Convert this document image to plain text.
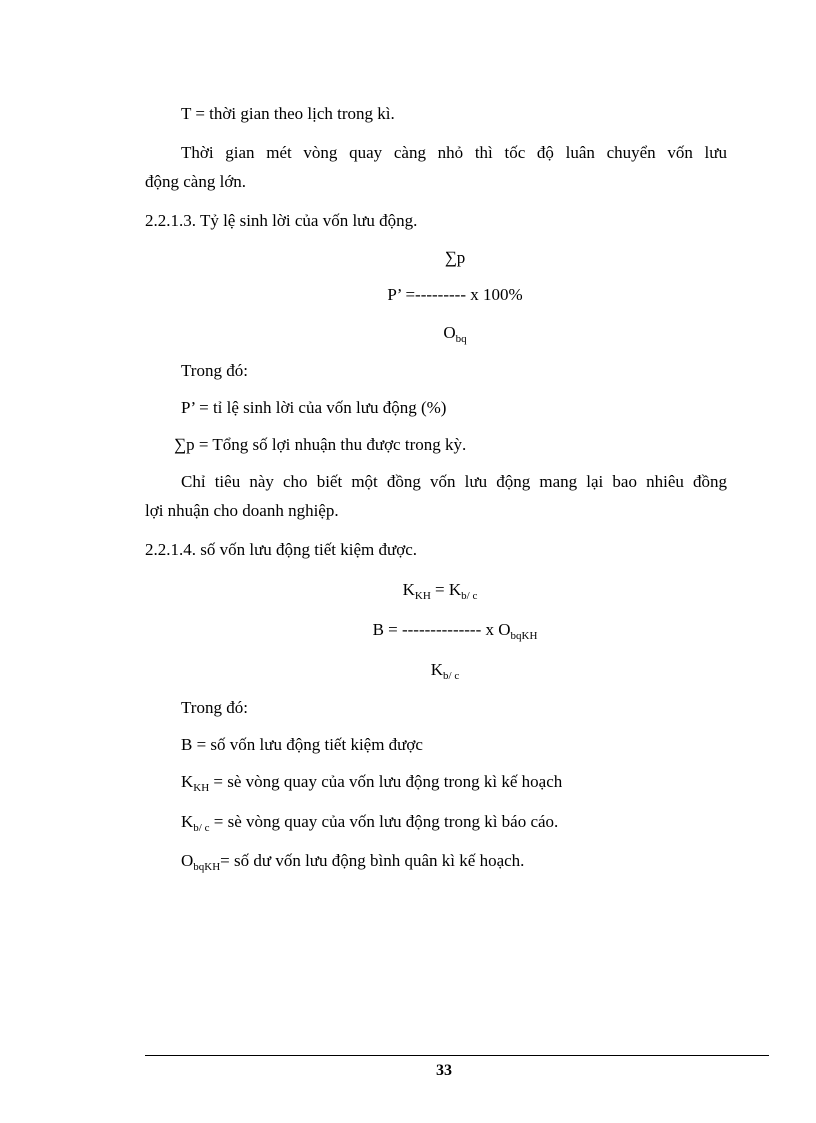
T = thời gian theo lịch trong kì.
Thời gian mét vòng quay càng nhỏ thì tốc độ luân chuyển vốn lưu
động càng lớn.
2.2.1.3. Tỷ lệ sinh lời của vốn lưu động.
∑p
P’ =--------- x 100%
$O_{bq}$
Trong đó:
P’ = tỉ lệ sinh lời của vốn lưu động (%)
∑p = Tổng số lợi nhuận thu được trong kỳ.
Chỉ tiêu này cho biết một đồng vốn lưu động mang lại bao nhiêu đồng
lợi nhuận cho doanh nghiệp.
2.2.1.4. số vốn lưu động tiết kiệm được.
$K_{KH} = K_{b/ c}$
B = -------------- x $O_{bqKH}$
$K_{b/ c}$
Trong đó:
B = số vốn lưu động tiết kiệm được
$K_{KH}$ = sè vòng quay của vốn lưu động trong kì kế hoạch
$K_{b/ c}$ = sè vòng quay của vốn lưu động trong kì báo cáo.
$O_{bqKH}=$ số dư vốn lưu động bình quân kì kế hoạch.
33
